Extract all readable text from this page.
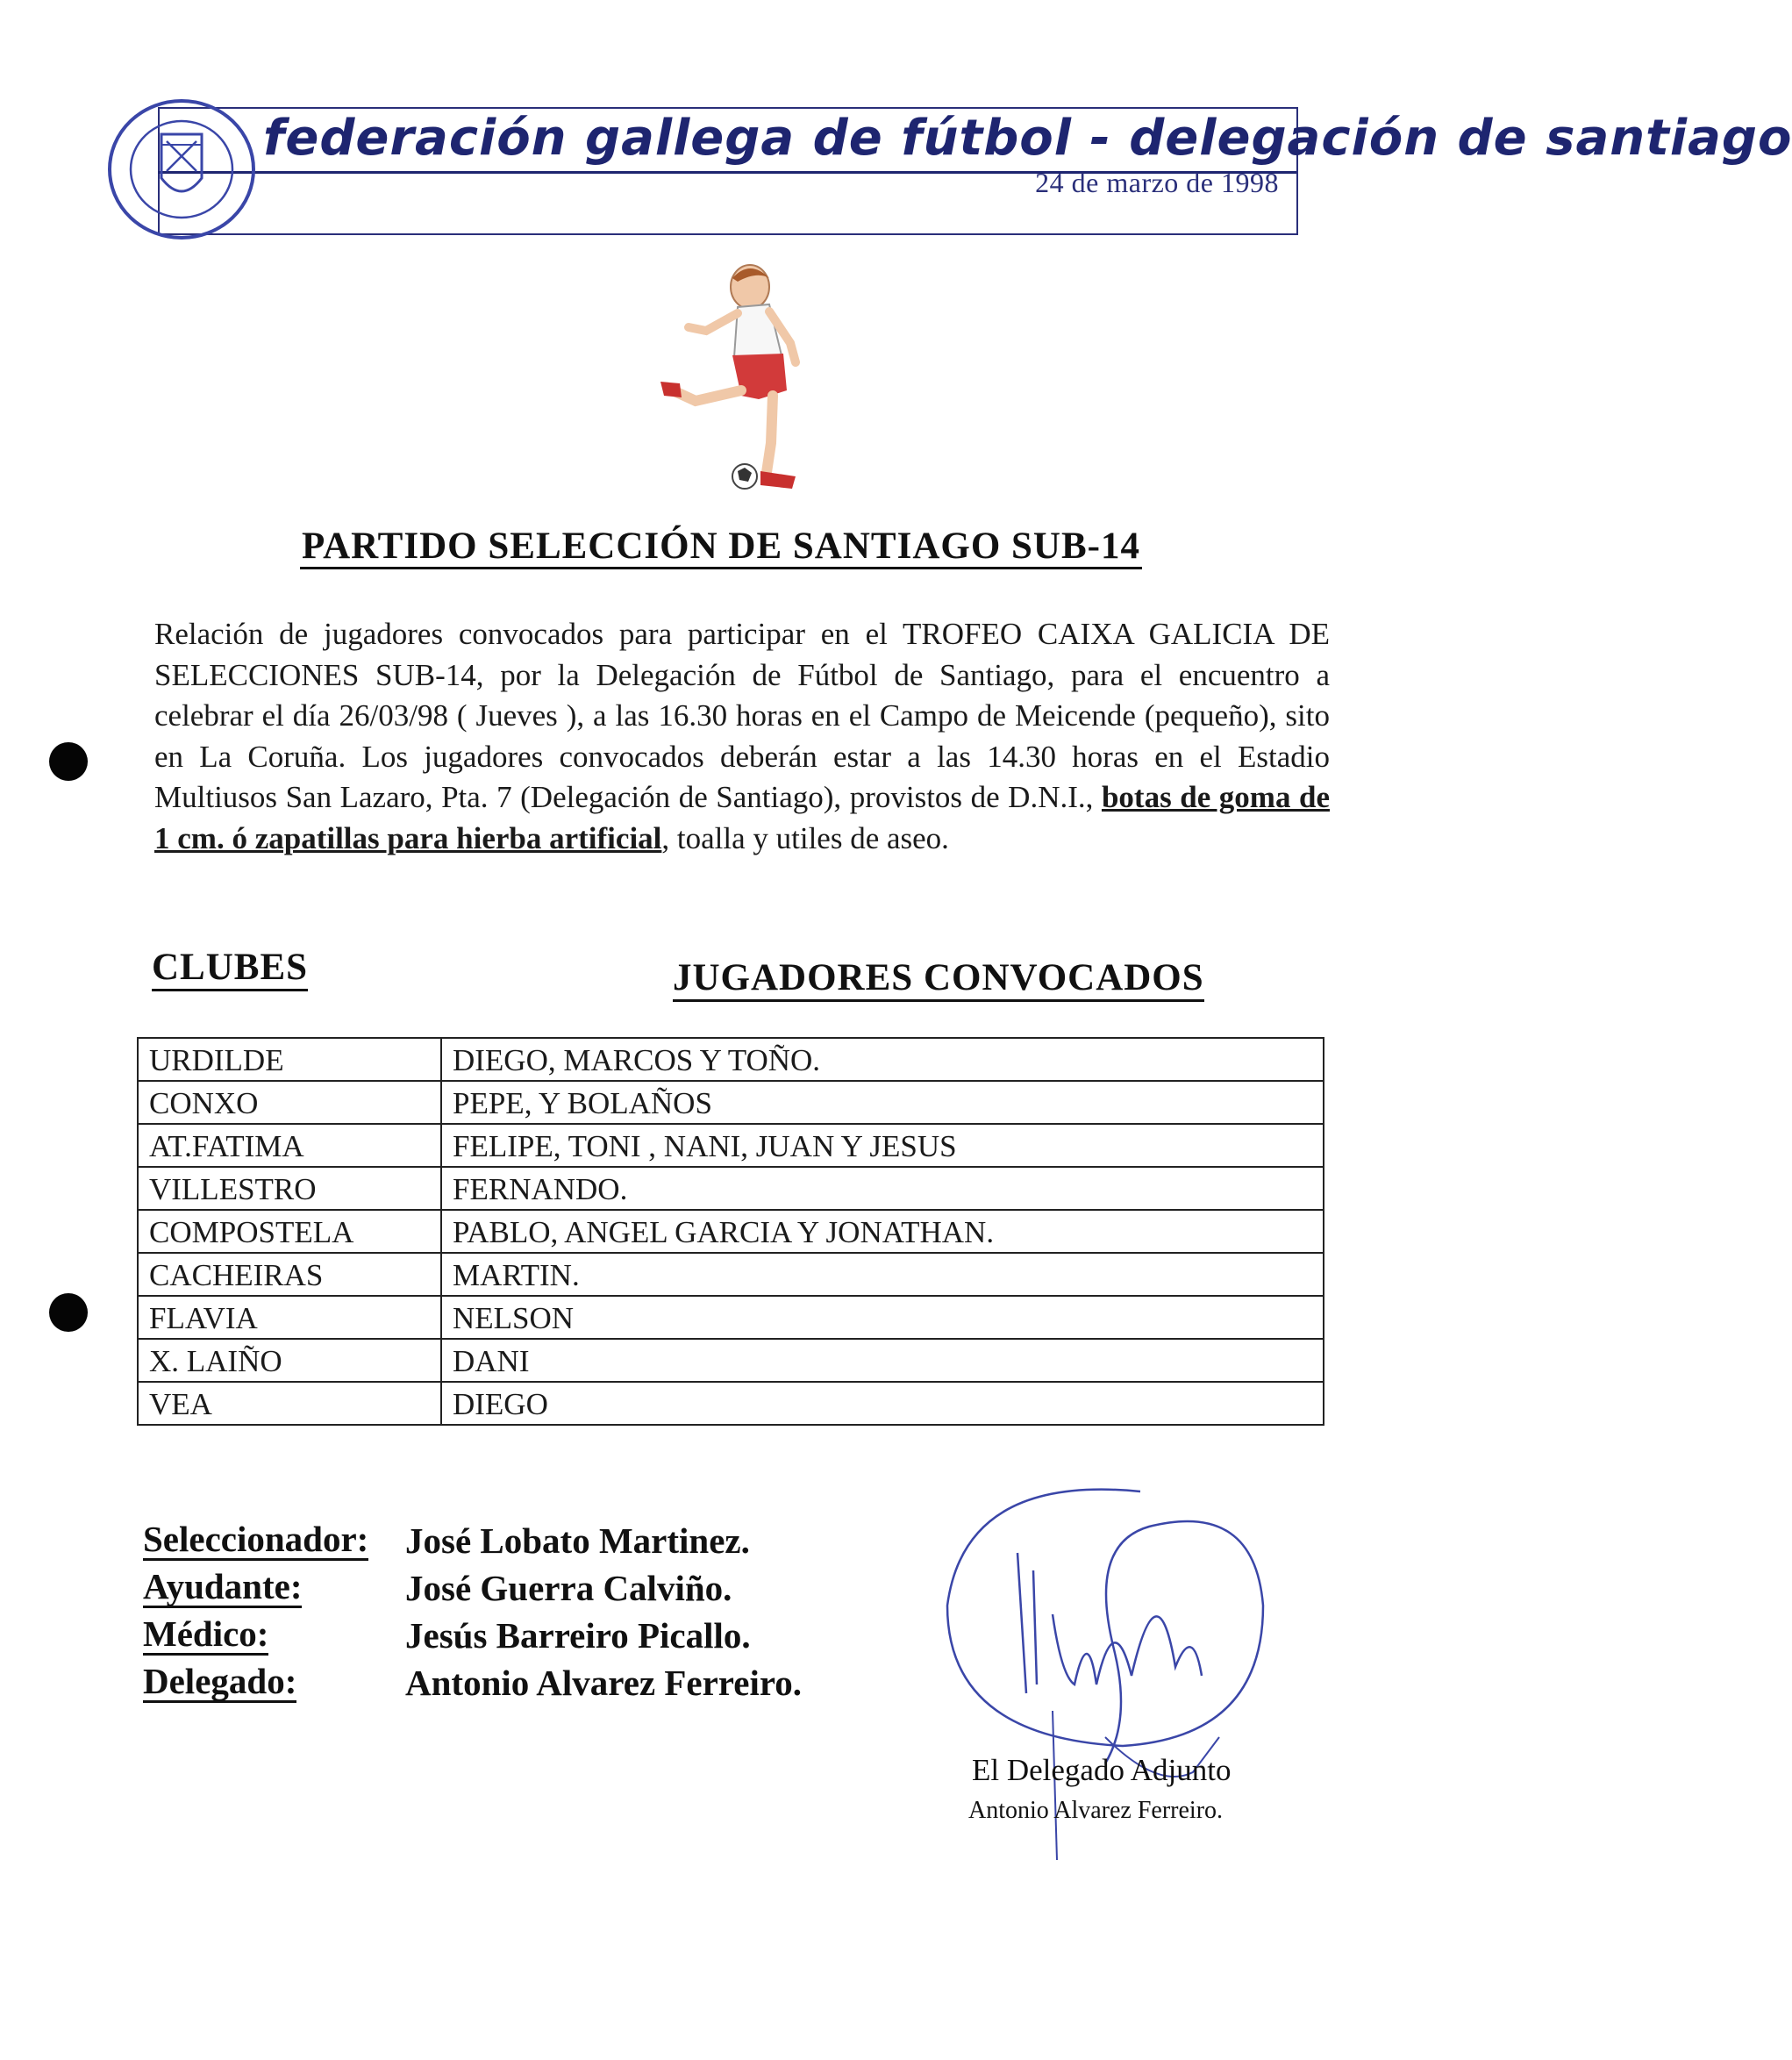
federación gallega de fútbol - delegación de santiago
24 de marzo de 1998
PARTIDO SELECCIÓN DE SANTIAGO SUB-14
Relación de jugadores convocados para participar en el TROFEO CAIXA GALICIA DE SELECCIONES SUB-14, por la Delegación de Fútbol de Santiago, para el encuentro a celebrar el día 26/03/98 ( Jueves ), a las 16.30 horas en el Campo de Meicende (pequeño), sito en La Coruña. Los jugadores convocados deberán estar a las 14.30 horas en el Estadio Multiusos San Lazaro, Pta. 7 (Delegación de Santiago), provistos de D.N.I., botas de goma de 1 cm. ó zapatillas para hierba artificial, toalla y utiles de aseo.
CLUBES	JUGADORES CONVOCADOS
URDILDE	DIEGO, MARCOS Y TOÑO.
CONXO	PEPE, Y BOLAÑOS
AT.FATIMA	FELIPE, TONI , NANI, JUAN Y JESUS
VILLESTRO	FERNANDO.
COMPOSTELA	PABLO, ANGEL GARCIA Y JONATHAN.
CACHEIRAS	MARTIN.
FLAVIA	NELSON
X. LAIÑO	DANI
VEA	DIEGO
Seleccionador: José Lobato Martinez.
Ayudante:	José Guerra Calviño.
Médico:	Jesús Barreiro Picallo.
Delegado:	Antonio Alvarez Ferreiro.
El Delegado Adjunto
Antonio Alvarez Ferreiro.
